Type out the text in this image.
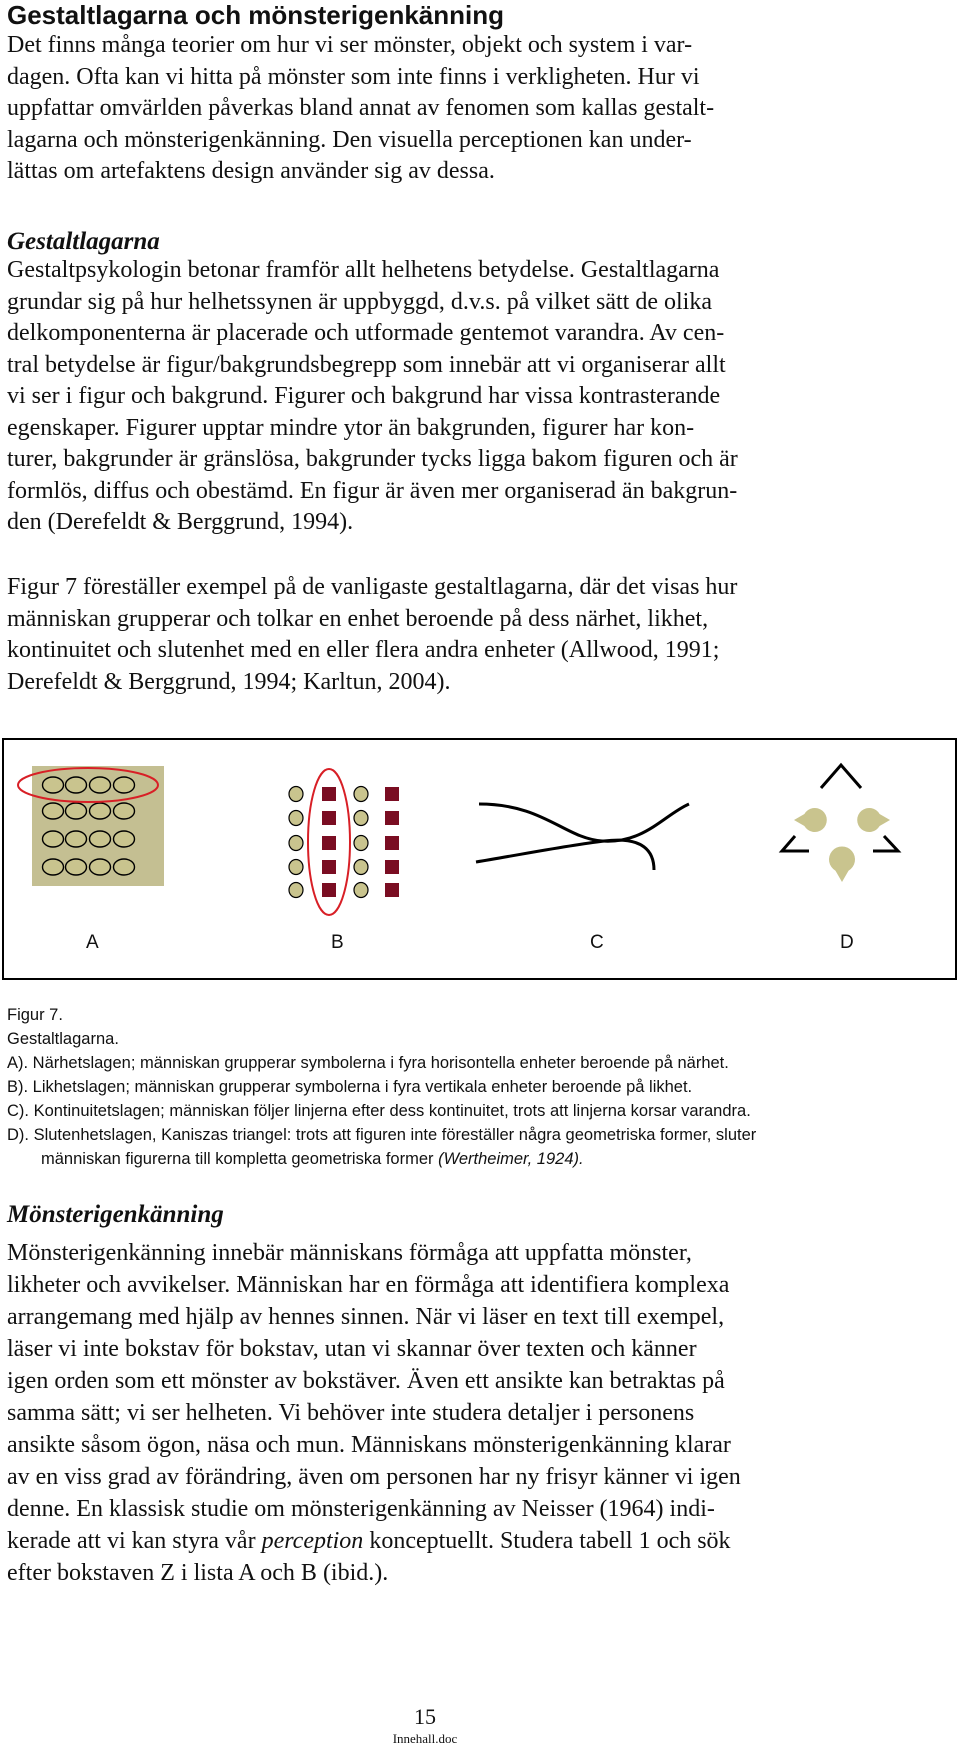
Gestaltlagarna och mönsterigenkänning

Det finns många teorier om hur vi ser mönster, objekt och system i var-
dagen. Ofta kan vi hitta på mönster som inte finns i verkligheten. Hur vi
uppfattar omvärlden påverkas bland annat av fenomen som kallas gestalt-
lagarna och mönsterigenkänning. Den visuella perceptionen kan under-
lättas om artefaktens design använder sig av dessa.

Gestaltlagarna

Gestaltpsykologin betonar framför allt helhetens betydelse. Gestaltlagarna
grundar sig på hur helhetssynen är uppbyggd, d.v.s. på vilket sätt de olika
delkomponenterna är placerade och utformade gentemot varandra. Av cen-
tral betydelse är figur/bakgrundsbegrepp som innebär att vi organiserar allt
vi ser i figur och bakgrund. Figurer och bakgrund har vissa kontrasterande
egenskaper. Figurer upptar mindre ytor än bakgrunden, figurer har kon-
turer, bakgrunder är gränslösa, bakgrunder tycks ligga bakom figuren och är
formlös, diffus och obestämd. En figur är även mer organiserad än bakgrun-
den (Derefeldt & Berggrund, 1994).

Figur 7 föreställer exempel på de vanligaste gestaltlagarna, där det visas hur
människan grupperar och tolkar en enhet beroende på dess närhet, likhet,
kontinuitet och slutenhet med en eller flera andra enheter (Allwood, 1991;
Derefeldt & Berggrund, 1994; Karltun, 2004).

A	B	C	D
Figur 7.
Gestaltlagarna.
A). Närhetslagen; människan grupperar symbolerna i fyra horisontella enheter beroende på närhet.
B). Likhetslagen; människan grupperar symbolerna i fyra vertikala enheter beroende på likhet.
C). Kontinuitetslagen; människan följer linjerna efter dess kontinuitet, trots att linjerna korsar varandra.
D). Slutenhetslagen, Kaniszas triangel: trots att figuren inte föreställer några geometriska former, sluter
människan figurerna till kompletta geometriska former (Wertheimer, 1924).
Mönsterigenkänning

Mönsterigenkänning innebär människans förmåga att uppfatta mönster,
likheter och avvikelser. Människan har en förmåga att identifiera komplexa
arrangemang med hjälp av hennes sinnen. När vi läser en text till exempel,
läser vi inte bokstav för bokstav, utan vi skannar över texten och känner
igen orden som ett mönster av bokstäver. Även ett ansikte kan betraktas på
samma sätt; vi ser helheten. Vi behöver inte studera detaljer i personens
ansikte såsom ögon, näsa och mun. Människans mönsterigenkänning klarar
av en viss grad av förändring, även om personen har ny frisyr känner vi igen
denne. En klassisk studie om mönsterigenkänning av Neisser (1964) indi-
kerade att vi kan styra vår perception konceptuellt. Studera tabell 1 och sök
efter bokstaven Z i lista A och B (ibid.).

15
Innehall.doc
